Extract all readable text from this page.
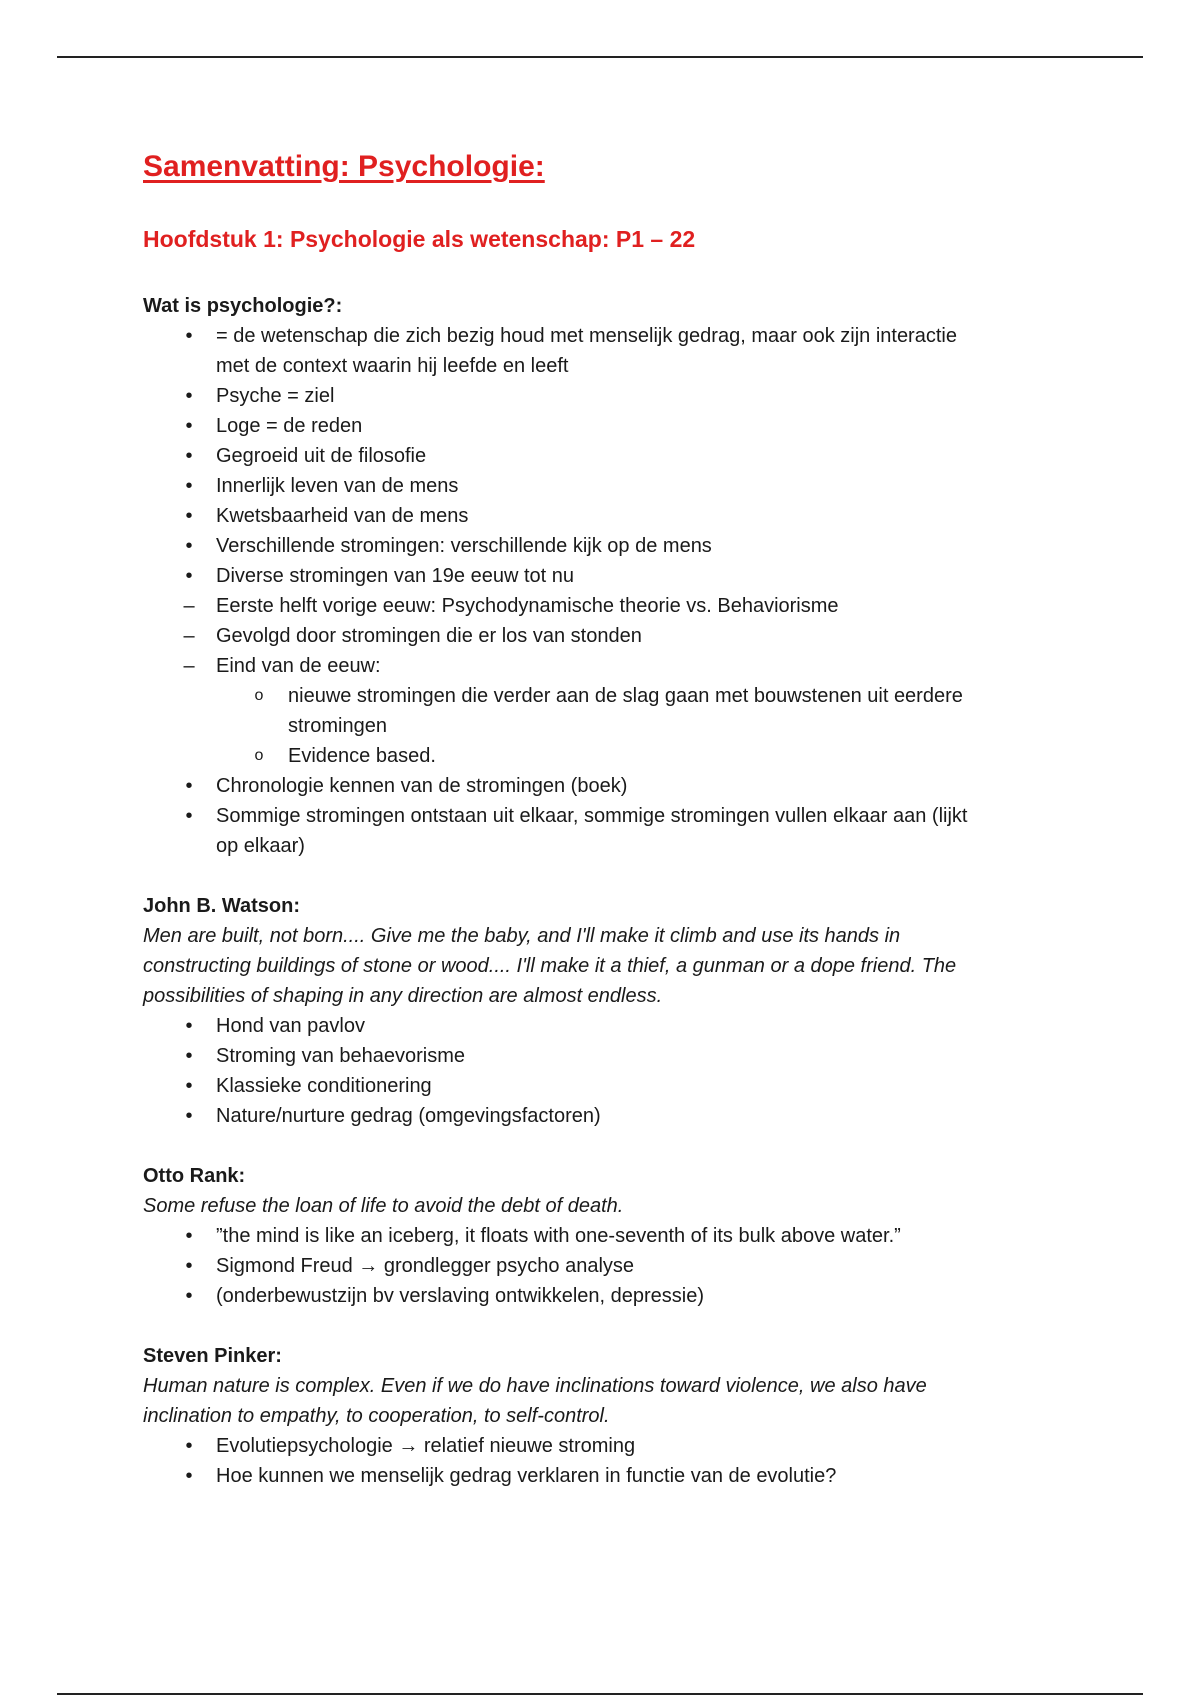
Samenvatting: Psychologie:
Hoofdstuk 1: Psychologie als wetenschap: P1 – 22

Wat is psychologie?:

•	= de wetenschap die zich bezig houd met menselijk gedrag, maar ook zijn interactie
met de context waarin hij leefde en leeft
•	Psyche = ziel
•	Loge = de reden
•	Gegroeid uit de filosofie
•	Innerlijk leven van de mens
•	Kwetsbaarheid van de mens
•	Verschillende stromingen: verschillende kijk op de mens
•	Diverse stromingen van 19e eeuw tot nu
– Eerste helft vorige eeuw: Psychodynamische theorie vs. Behaviorisme
– Gevolgd door stromingen die er los van stonden
– Eind van de eeuw:
o nieuwe stromingen die verder aan de slag gaan met bouwstenen uit eerdere
stromingen
o Evidence based.
•	Chronologie kennen van de stromingen (boek)
•	Sommige stromingen ontstaan uit elkaar, sommige stromingen vullen elkaar aan (lijkt
op elkaar)

John B. Watson:

Men are built, not born.... Give me the baby, and I'll make it climb and use its hands in

constructing buildings of stone or wood.... I'll make it a thief, a gunman or a dope friend. The

possibilities of shaping in any direction are almost endless.

•	Hond van pavlov
•	Stroming van behaevorisme
•	Klassieke conditionering
•	Nature/nurture gedrag (omgevingsfactoren)

Otto Rank:

Some refuse the loan of life to avoid the debt of death.

•	”the mind is like an iceberg, it floats with one-seventh of its bulk above water.”
•	Sigmond Freud → grondlegger psycho analyse
•	(onderbewustzijn bv verslaving ontwikkelen, depressie)

Steven Pinker:

Human nature is complex. Even if we do have inclinations toward violence, we also have

inclination to empathy, to cooperation, to self-control.

•	Evolutiepsychologie → relatief nieuwe stroming
•	Hoe kunnen we menselijk gedrag verklaren in functie van de evolutie?
